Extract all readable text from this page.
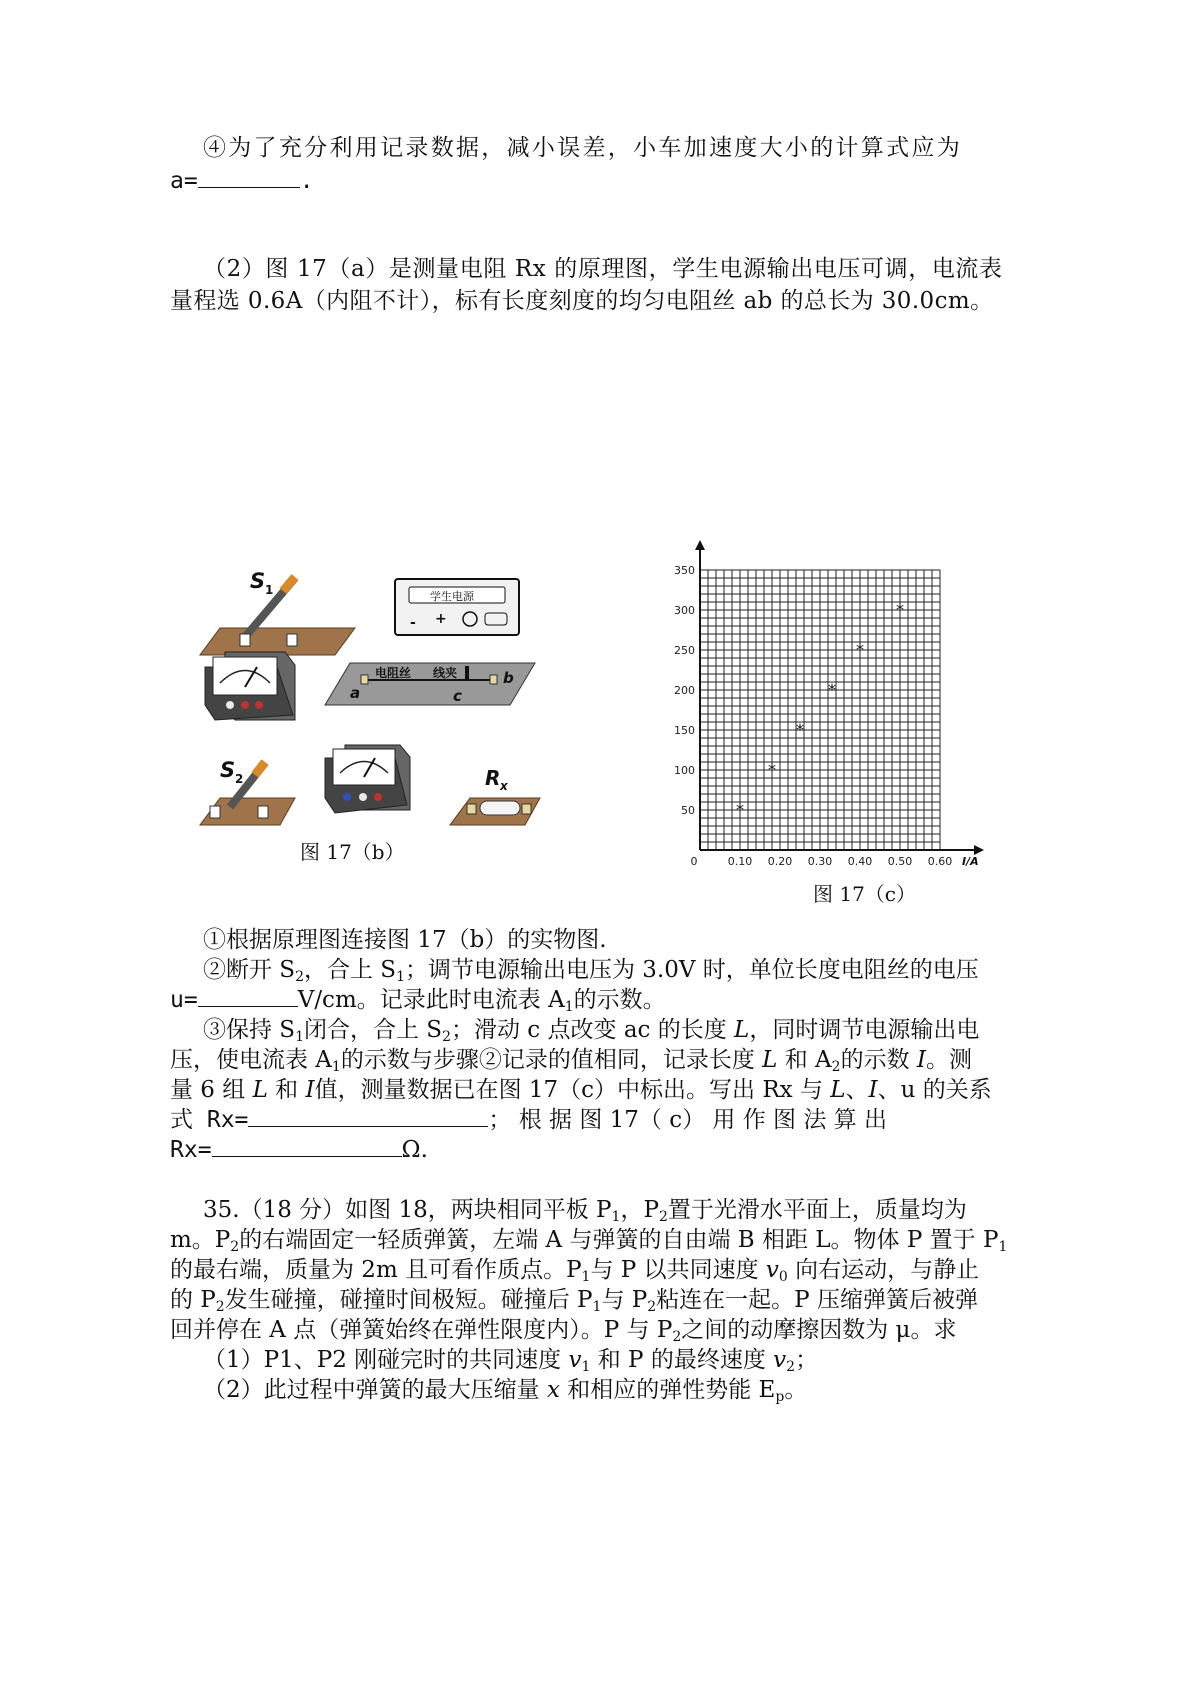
④为了充分利用记录数据，减小误差，小车加速度大小的计算式应为

a=	.

（2）图 17（a）是测量电阻 Rx 的原理图，学生电源输出电压可调，电流表

量程选 0.6A（内阻不计），标有长度刻度的均匀电阻丝 ab 的总长为 30.0cm。

S 1	学生电源
- +
电阻丝 线夹
a
b
c
S 2	R x
图 17（b）	0	0.10 0.20 0.30 0.40 0.50 0.60
50
100
150
200
250
300
350
I/A
*
*
*
*
*
*
图 17（c）

①根据原理图连接图 17（b）的实物图.

②断开 $S_2$，合上 $S_1$；调节电源输出电压为 3.0V 时，单位长度电阻丝的电压

u=	V/cm。记录此时电流表 $A_1$的示数。

③保持 $S_1$闭合，合上 $S_2$；滑动 c 点改变 ac 的长度 L，同时调节电源输出电

压，使电流表 $A_1$的示数与步骤②记录的值相同，记录长度 L 和 $A_2$的示数 I。测

量 6 组 L 和 I值，测量数据已在图 17（c）中标出。写出 Rx 与 L、I、u 的关系

式 Rx=	； 根 据 图 17（ c） 用 作 图 法 算 出

Rx=	Ω.

35.（18 分）如图 18，两块相同平板 $P_1$，$P_2$置于光滑水平面上，质量均为

m。$P_2$的右端固定一轻质弹簧，左端 A 与弹簧的自由端 B 相距 L。物体 P 置于 $P_1$

的最右端，质量为 2m 且可看作质点。$P_1$与 P 以共同速度 $v_0$ 向右运动，与静止

的 $P_2$发生碰撞，碰撞时间极短。碰撞后 $P_1$与 $P_2$粘连在一起。P 压缩弹簧后被弹

回并停在 A 点（弹簧始终在弹性限度内）。P 与 $P_2$之间的动摩擦因数为 μ。求

（1）P1、P2 刚碰完时的共同速度 $v_1$ 和 P 的最终速度 $v_2$；

（2）此过程中弹簧的最大压缩量 x 和相应的弹性势能 $E_p$。
